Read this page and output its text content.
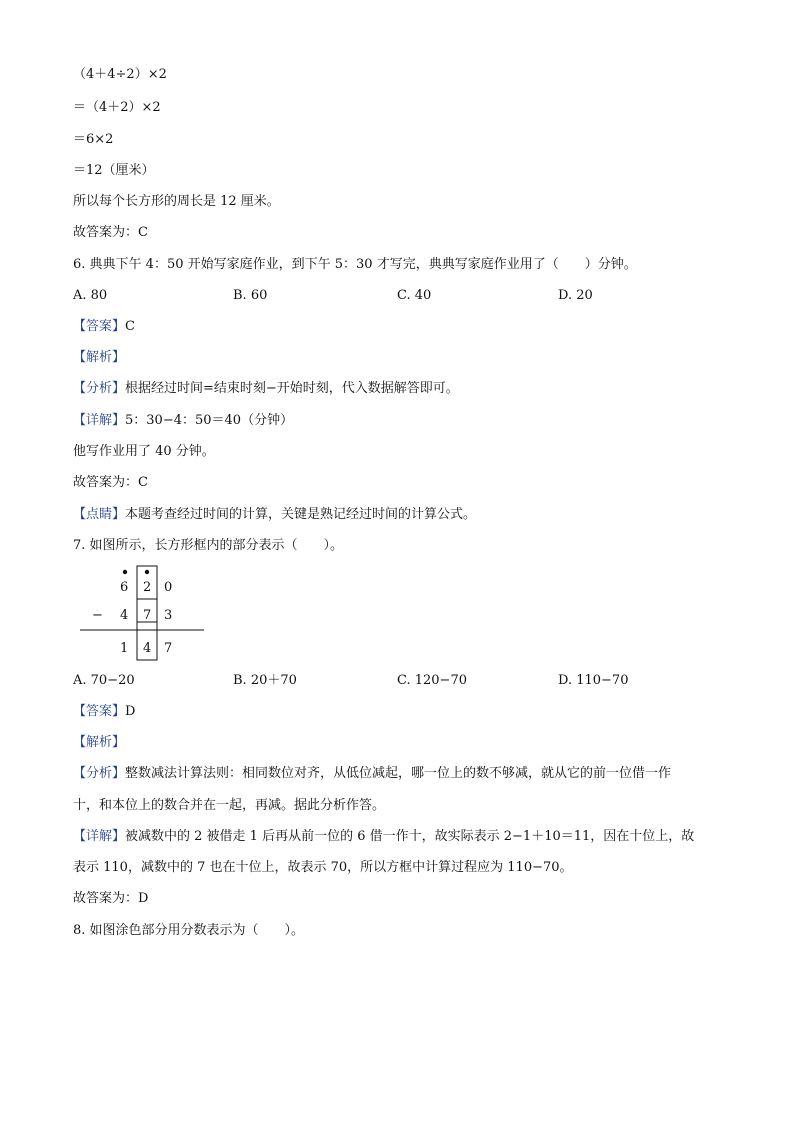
（4＋4÷2）×2
＝（4＋2）×2
＝6×2
＝12（厘米）
所以每个长方形的周长是 12 厘米。
故答案为：C
6. 典典下午 4：50 开始写家庭作业，到下午 5：30 才写完，典典写家庭作业用了（　　）分钟。
A. 80	B. 60	C. 40	D. 20
【答案】C
【解析】
【分析】根据经过时间=结束时刻−开始时刻，代入数据解答即可。
【详解】5：30−4：50＝40（分钟）
他写作业用了 40 分钟。
故答案为：C
【点睛】本题考查经过时间的计算，关键是熟记经过时间的计算公式。
7. 如图所示，长方形框内的部分表示（　　）。
6 2 0
− 4 7 3
1 4 7
A. 70−20	B. 20＋70	C. 120−70	D. 110−70
【答案】D
【解析】
【分析】整数减法计算法则：相同数位对齐，从低位减起，哪一位上的数不够减，就从它的前一位借一作
十，和本位上的数合并在一起，再减。据此分析作答。
【详解】被减数中的 2 被借走 1 后再从前一位的 6 借一作十，故实际表示 2−1＋10＝11，因在十位上，故
表示 110，减数中的 7 也在十位上，故表示 70，所以方框中计算过程应为 110−70。
故答案为：D
8. 如图涂色部分用分数表示为（　　）。
